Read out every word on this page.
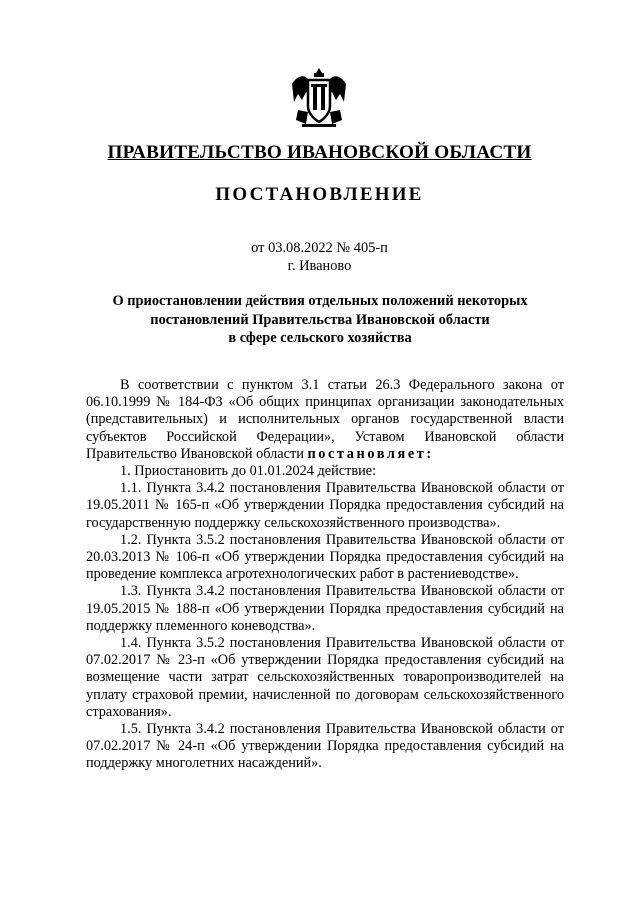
ПРАВИТЕЛЬСТВО ИВАНОВСКОЙ ОБЛАСТИ
ПОСТАНОВЛЕНИЕ
от 03.08.2022 № 405-п
г. Иваново
О приостановлении действия отдельных положений некоторых
постановлений Правительства Ивановской области
в сфере сельского хозяйства

В соответствии с пунктом 3.1 статьи 26.3 Федерального закона от 06.10.1999 № 184-ФЗ «Об общих принципах организации законодательных (представительных) и исполнительных органов государственной власти субъектов Российской Федерации», Уставом Ивановской области Правительство Ивановской области постановляет:

1. Приостановить до 01.01.2024 действие:

1.1. Пункта 3.4.2 постановления Правительства Ивановской области от 19.05.2011 № 165-п «Об утверждении Порядка предоставления субсидий на государственную поддержку сельскохозяйственного производства».

1.2. Пункта 3.5.2 постановления Правительства Ивановской области от 20.03.2013 № 106-п «Об утверждении Порядка предоставления субсидий на проведение комплекса агротехнологических работ в растениеводстве».

1.3. Пункта 3.4.2 постановления Правительства Ивановской области от 19.05.2015 № 188-п «Об утверждении Порядка предоставления субсидий на поддержку племенного коневодства».

1.4. Пункта 3.5.2 постановления Правительства Ивановской области от 07.02.2017 № 23-п «Об утверждении Порядка предоставления субсидий на возмещение части затрат сельскохозяйственных товаропроизводителей на уплату страховой премии, начисленной по договорам сельскохозяйственного страхования».

1.5. Пункта 3.4.2 постановления Правительства Ивановской области от 07.02.2017 № 24-п «Об утверждении Порядка предоставления субсидий на поддержку многолетних насаждений».
